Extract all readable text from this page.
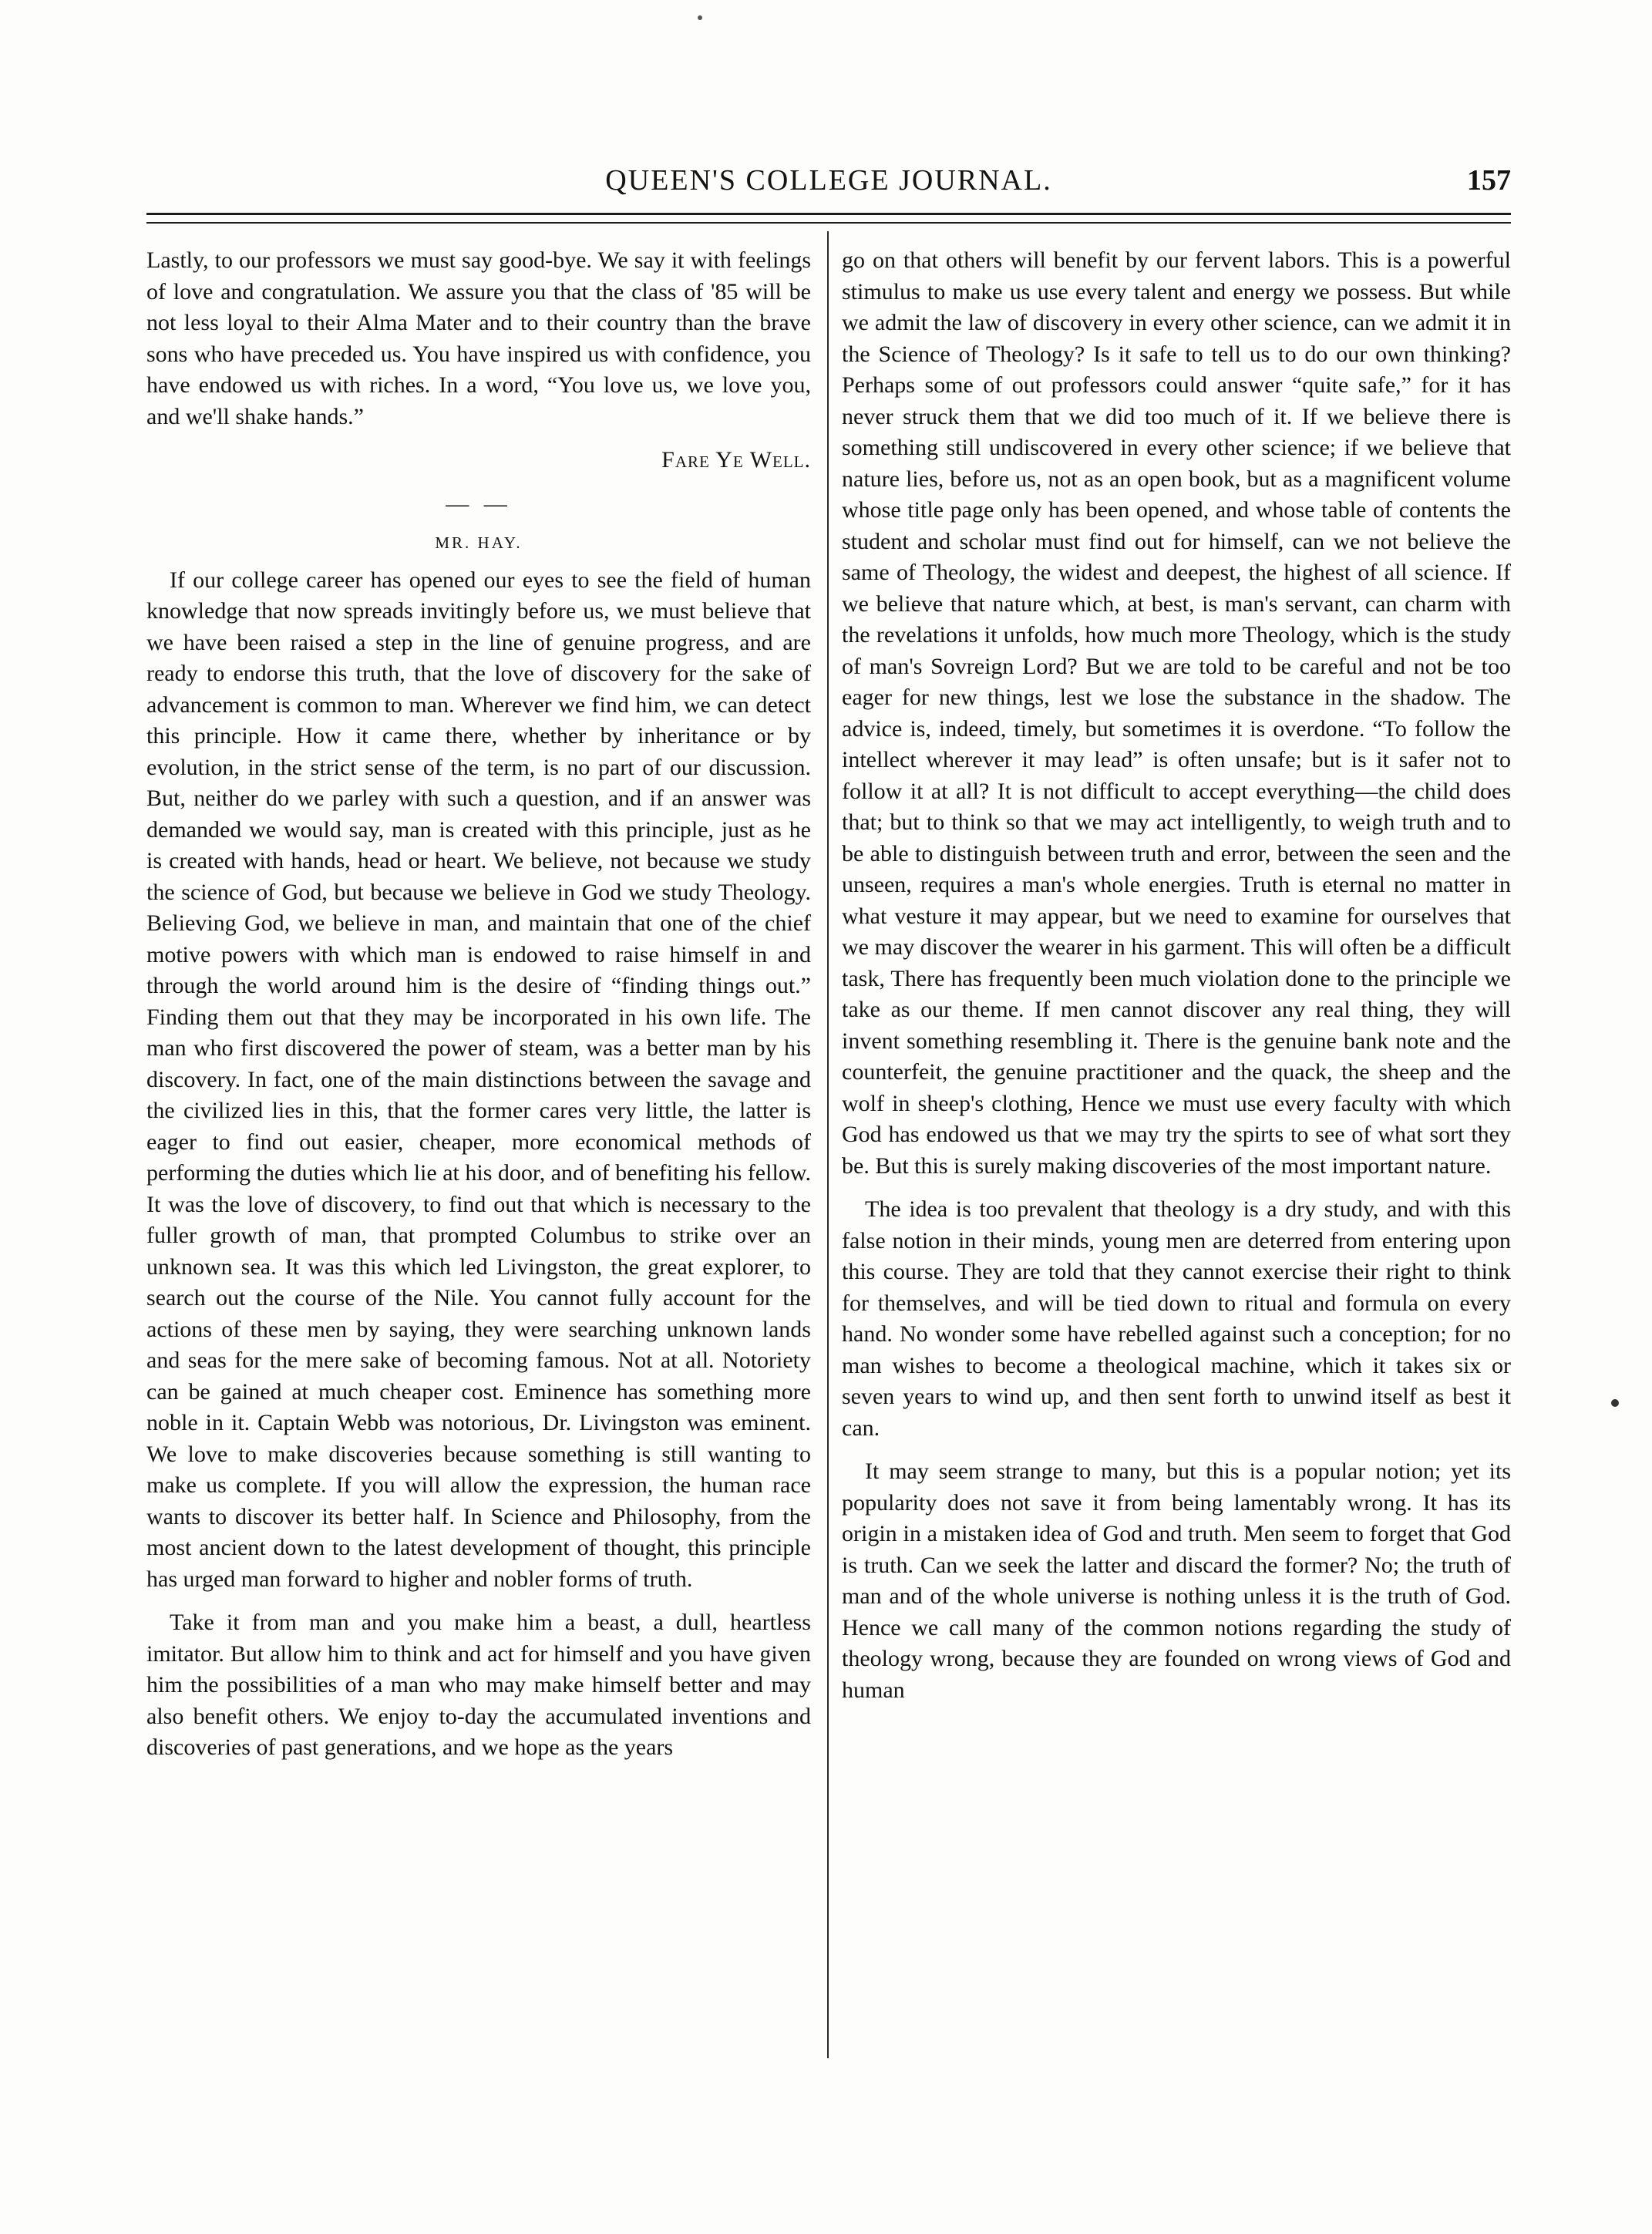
QUEEN'S COLLEGE JOURNAL.	157

Lastly, to our professors we must say good-bye. We say it with feelings of love and congratulation. We assure you that the class of '85 will be not less loyal to their Alma Mater and to their country than the brave sons who have preceded us. You have inspired us with confidence, you have endowed us with riches. In a word, “You love us, we love you, and we'll shake hands.”

Fare Ye Well.

— —
MR. HAY.

If our college career has opened our eyes to see the field of human knowledge that now spreads invitingly before us, we must believe that we have been raised a step in the line of genuine progress, and are ready to endorse this truth, that the love of discovery for the sake of advancement is common to man. Wherever we find him, we can detect this principle. How it came there, whether by inheritance or by evolution, in the strict sense of the term, is no part of our discussion. But, neither do we parley with such a question, and if an answer was demanded we would say, man is created with this principle, just as he is created with hands, head or heart. We believe, not because we study the science of God, but because we believe in God we study Theology. Believing God, we believe in man, and maintain that one of the chief motive powers with which man is endowed to raise himself in and through the world around him is the desire of “finding things out.” Finding them out that they may be incorporated in his own life. The man who first discovered the power of steam, was a better man by his discovery. In fact, one of the main distinctions between the savage and the civilized lies in this, that the former cares very little, the latter is eager to find out easier, cheaper, more economical methods of performing the duties which lie at his door, and of benefiting his fellow. It was the love of discovery, to find out that which is necessary to the fuller growth of man, that prompted Columbus to strike over an unknown sea. It was this which led Livingston, the great explorer, to search out the course of the Nile. You cannot fully account for the actions of these men by saying, they were searching unknown lands and seas for the mere sake of becoming famous. Not at all. Notoriety can be gained at much cheaper cost. Eminence has something more noble in it. Captain Webb was notorious, Dr. Livingston was eminent. We love to make discoveries because something is still wanting to make us complete. If you will allow the expression, the human race wants to discover its better half. In Science and Philosophy, from the most ancient down to the latest development of thought, this principle has urged man forward to higher and nobler forms of truth.

Take it from man and you make him a beast, a dull, heartless imitator. But allow him to think and act for himself and you have given him the possibilities of a man who may make himself better and may also benefit others. We enjoy to-day the accumulated inventions and discoveries of past generations, and we hope as the years

go on that others will benefit by our fervent labors. This is a powerful stimulus to make us use every talent and energy we possess. But while we admit the law of discovery in every other science, can we admit it in the Science of Theology? Is it safe to tell us to do our own thinking? Perhaps some of out professors could answer “quite safe,” for it has never struck them that we did too much of it. If we believe there is something still undiscovered in every other science; if we believe that nature lies, before us, not as an open book, but as a magnificent volume whose title page only has been opened, and whose table of contents the student and scholar must find out for himself, can we not believe the same of Theology, the widest and deepest, the highest of all science. If we believe that nature which, at best, is man's servant, can charm with the revelations it unfolds, how much more Theology, which is the study of man's Sovreign Lord? But we are told to be careful and not be too eager for new things, lest we lose the substance in the shadow. The advice is, indeed, timely, but sometimes it is overdone. “To follow the intellect wherever it may lead” is often unsafe; but is it safer not to follow it at all? It is not difficult to accept everything—the child does that; but to think so that we may act intelligently, to weigh truth and to be able to distinguish between truth and error, between the seen and the unseen, requires a man's whole energies. Truth is eternal no matter in what vesture it may appear, but we need to examine for ourselves that we may discover the wearer in his garment. This will often be a difficult task, There has frequently been much violation done to the principle we take as our theme. If men cannot discover any real thing, they will invent something resembling it. There is the genuine bank note and the counterfeit, the genuine practitioner and the quack, the sheep and the wolf in sheep's clothing, Hence we must use every faculty with which God has endowed us that we may try the spirts to see of what sort they be. But this is surely making discoveries of the most important nature.

The idea is too prevalent that theology is a dry study, and with this false notion in their minds, young men are deterred from entering upon this course. They are told that they cannot exercise their right to think for themselves, and will be tied down to ritual and formula on every hand. No wonder some have rebelled against such a conception; for no man wishes to become a theological machine, which it takes six or seven years to wind up, and then sent forth to unwind itself as best it can.

It may seem strange to many, but this is a popular notion; yet its popularity does not save it from being lamentably wrong. It has its origin in a mistaken idea of God and truth. Men seem to forget that God is truth. Can we seek the latter and discard the former? No; the truth of man and of the whole universe is nothing unless it is the truth of God. Hence we call many of the common notions regarding the study of theology wrong, because they are founded on wrong views of God and human
